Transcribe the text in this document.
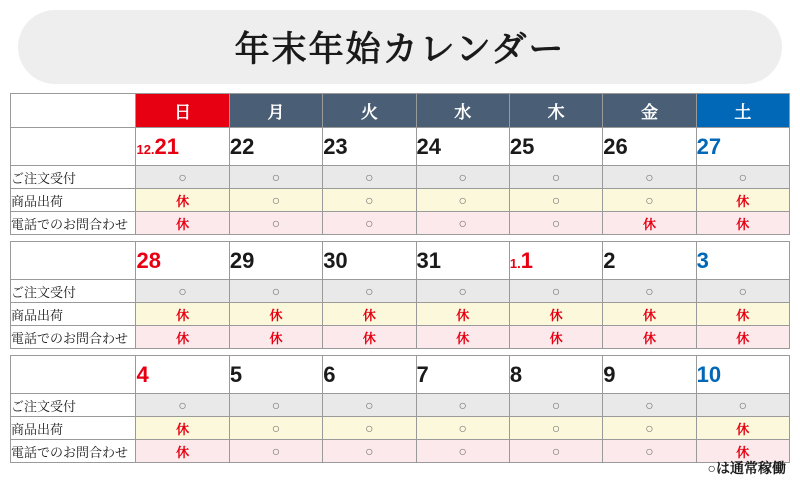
年末年始カレンダー
	日	月	火	水	木	金	土
	12.21	22	23	24	25	26	27
ご注文受付	○	○	○	○	○	○	○
商品出荷	休	○	○	○	○	○	休
電話でのお問合わせ	休	○	○	○	○	休	休

	28	29	30	31	1.1	2	3
ご注文受付	○	○	○	○	○	○	○
商品出荷	休	休	休	休	休	休	休
電話でのお問合わせ	休	休	休	休	休	休	休

	4	5	6	7	8	9	10
ご注文受付	○	○	○	○	○	○	○
商品出荷	休	○	○	○	○	○	休
電話でのお問合わせ	休	○	○	○	○	○	休
○は通常稼働
